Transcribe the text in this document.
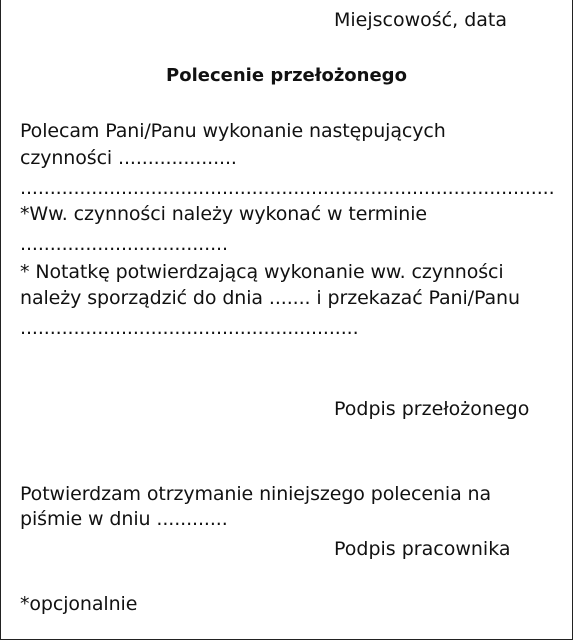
Miejscowość, data
Polecenie przełożonego
Polecam Pani/Panu wykonanie następujących
czynności ....................
..........................................................................................
*Ww. czynności należy wykonać w terminie
...................................
* Notatkę potwierdzającą wykonanie ww. czynności
należy sporządzić do dnia ....... i przekazać Pani/Panu
.........................................................
Podpis przełożonego
Potwierdzam otrzymanie niniejszego polecenia na
piśmie w dniu ............
Podpis pracownika
*opcjonalnie
